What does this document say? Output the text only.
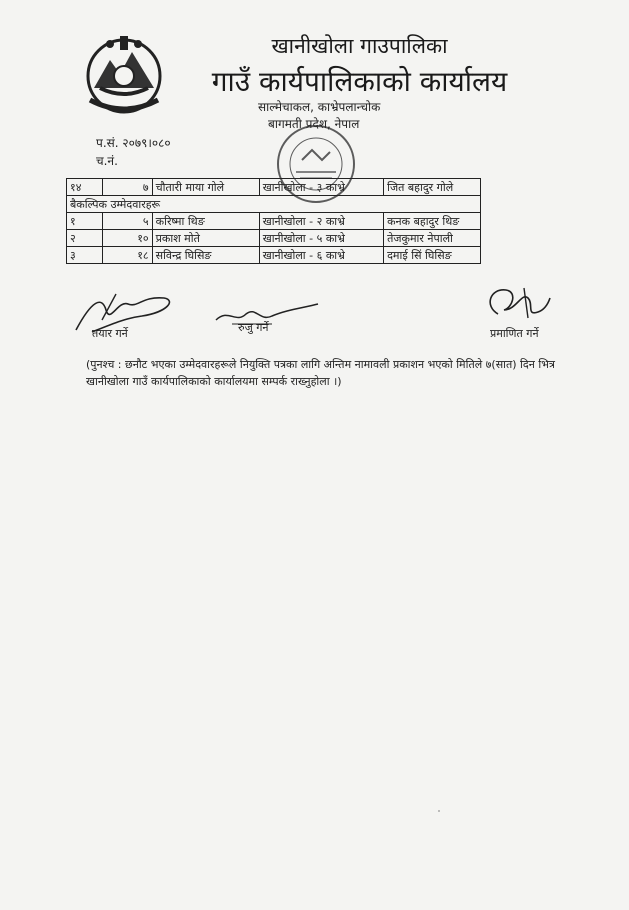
खानीखोला गाउपालिका
गाउँ कार्यपालिकाको कार्यालय
साल्मेचाकल, काभ्रेपलान्चोक
बागमती प्रदेश, नेपाल
प.सं. २०७९।०८०
च.नं.
१४	७	चौतारी माया गोले	खानीखोला - ३ काभ्रे	जित बहादुर गोले
बैकल्पिक उम्मेदवारहरू				
१	५	करिष्मा थिङ	खानीखोला - २ काभ्रे	कनक बहादुर थिङ
२	१०	प्रकाश मोते	खानीखोला - ५ काभ्रे	तेजकुमार नेपाली
३	१८	सविन्द्र घिसिङ	खानीखोला - ६ काभ्रे	दमाई सिं घिसिङ
तयार गर्ने	रुजु गर्ने	प्रमाणित गर्ने
(पुनश्च : छनौट भएका उम्मेदवारहरूले नियुक्ति पत्रका लागि अन्तिम नामावली प्रकाशन भएको मितिले ७(सात) दिन भित्र खानीखोला गाउँ कार्यपालिकाको कार्यालयमा सम्पर्क राख्नुहोला ।)
